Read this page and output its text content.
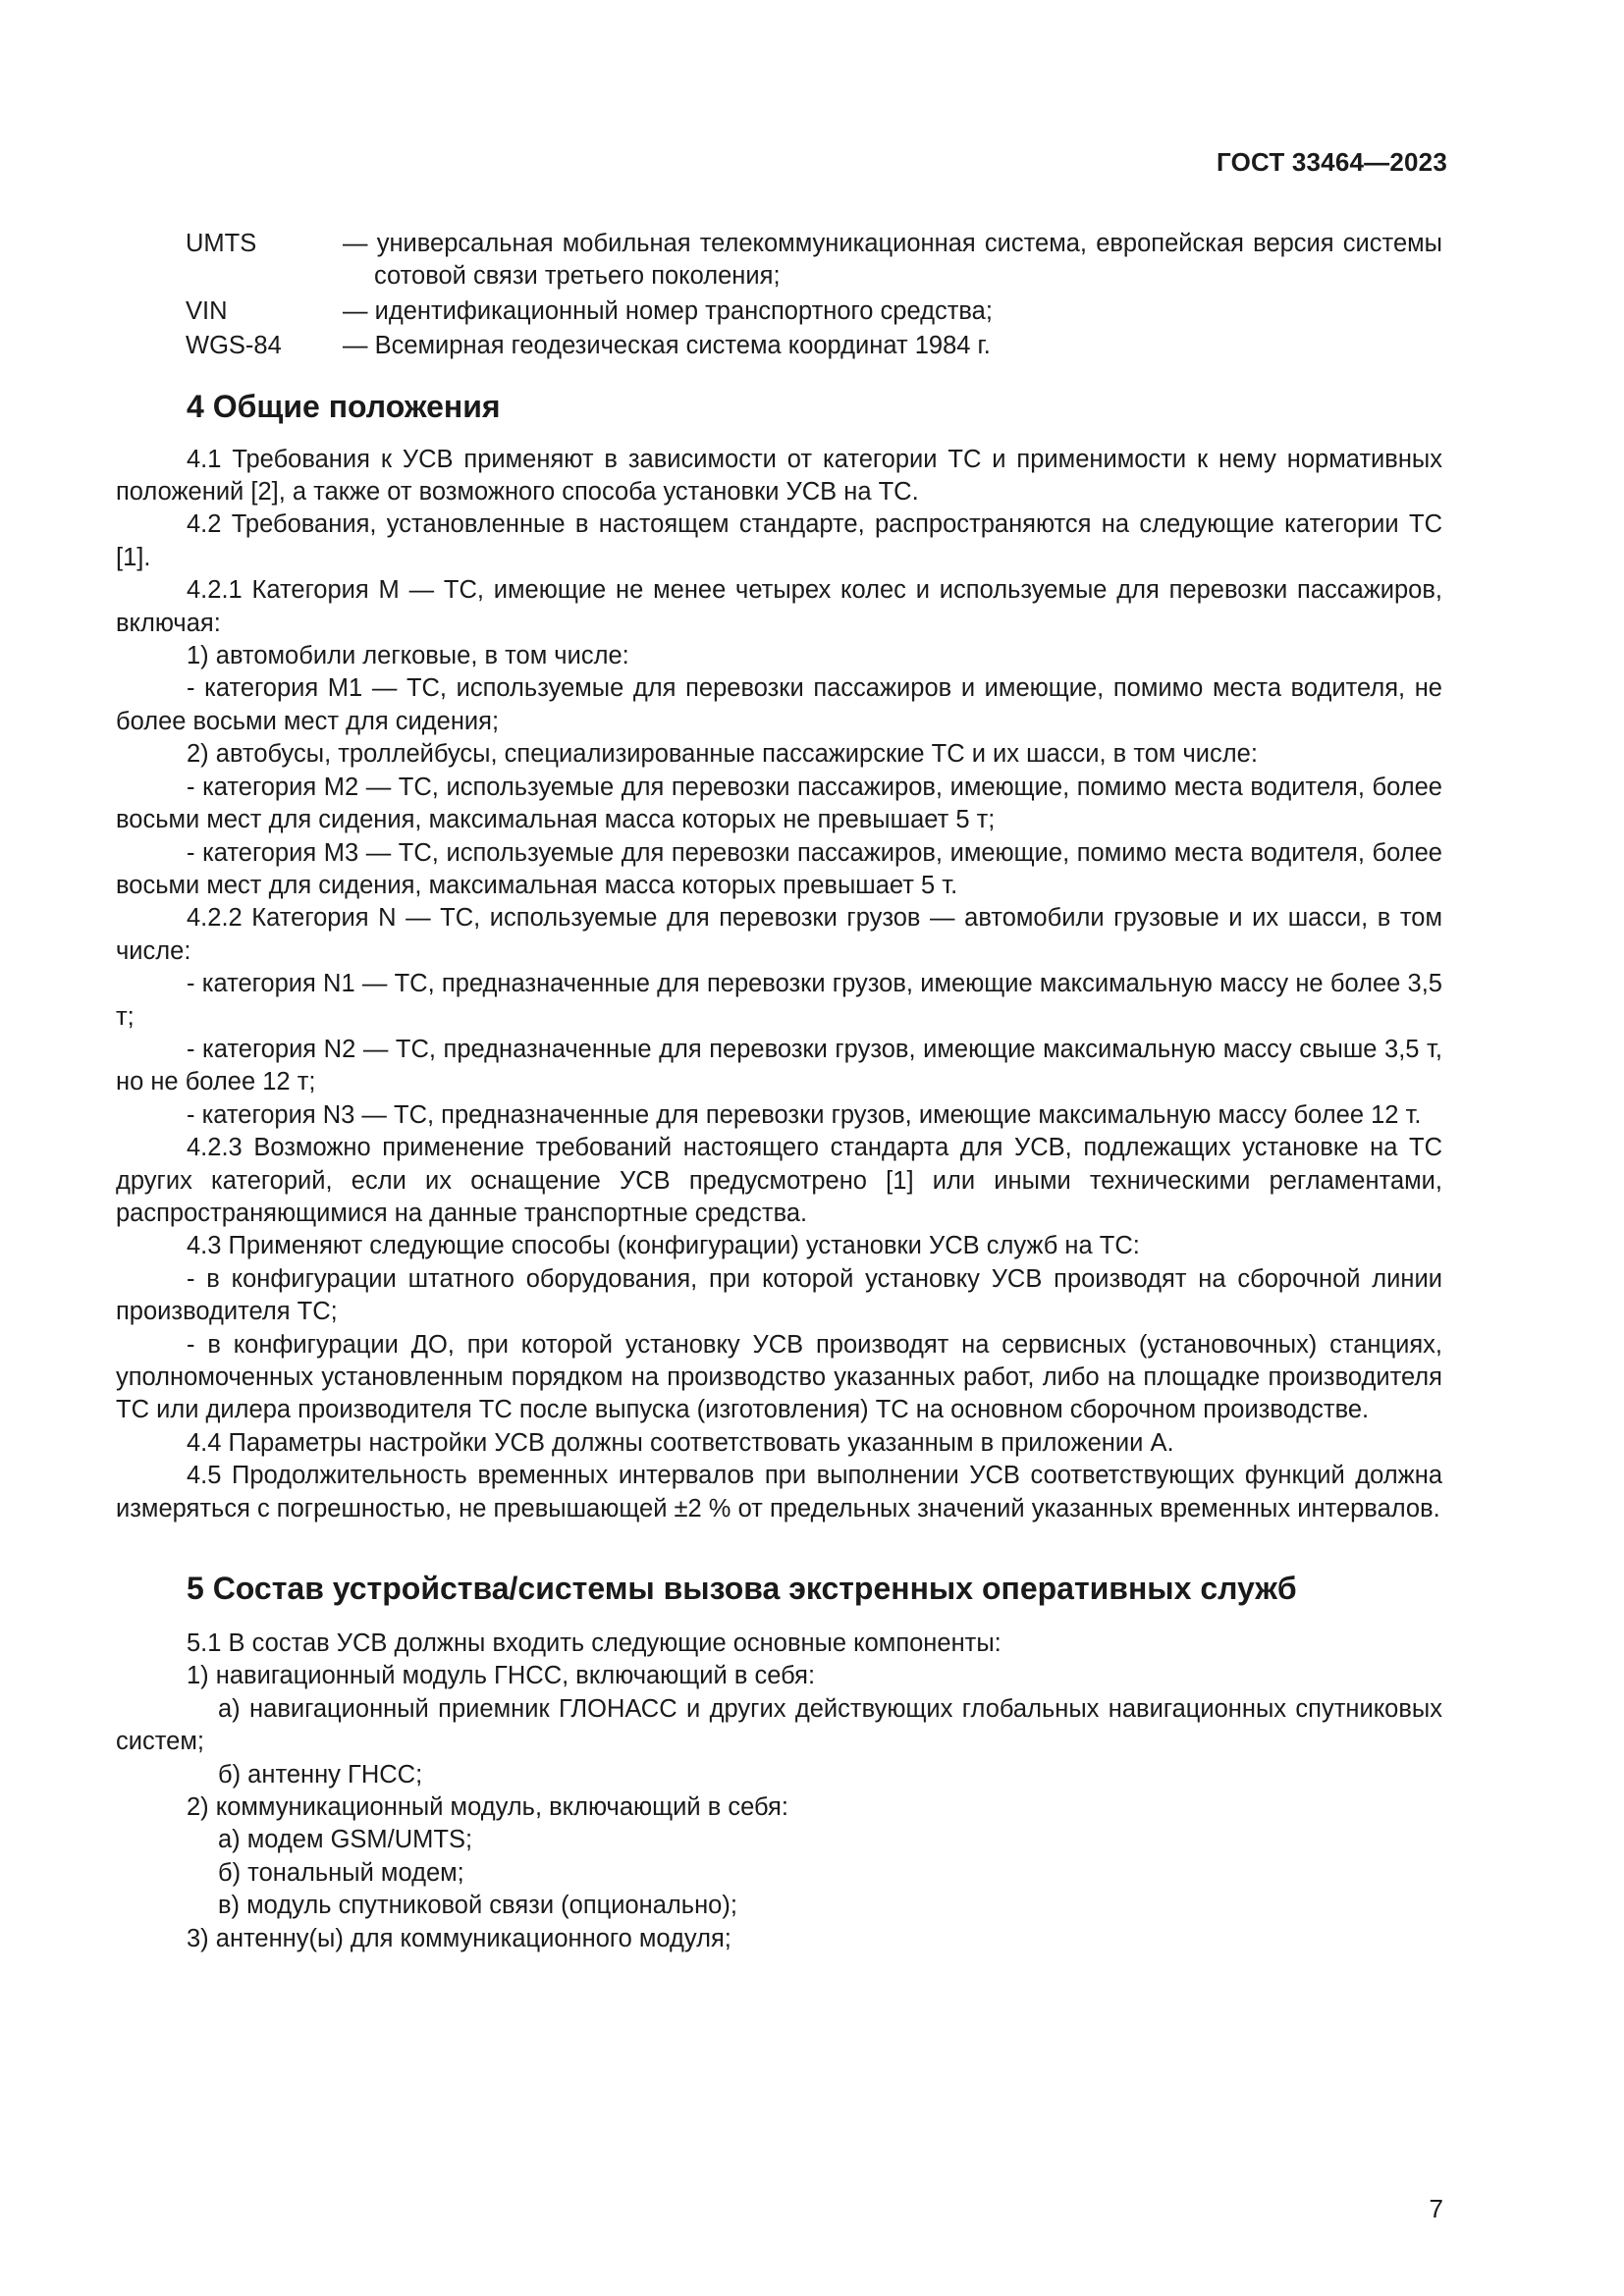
ГОСТ 33464—2023
UMTS	— универсальная мобильная телекоммуникационная система, европейская версия системы сотовой связи третьего поколения;
VIN	— идентификационный номер транспортного средства;
WGS-84	— Всемирная геодезическая система координат 1984 г.
4 Общие положения

4.1 Требования к УСВ применяют в зависимости от категории ТС и применимости к нему нормативных положений [2], а также от возможного способа установки УСВ на ТС.

4.2 Требования, установленные в настоящем стандарте, распространяются на следующие категории ТС [1].

4.2.1 Категория М — ТС, имеющие не менее четырех колес и используемые для перевозки пассажиров, включая:

1) автомобили легковые, в том числе:

- категория М1 — ТС, используемые для перевозки пассажиров и имеющие, помимо места водителя, не более восьми мест для сидения;

2) автобусы, троллейбусы, специализированные пассажирские ТС и их шасси, в том числе:

- категория М2 — ТС, используемые для перевозки пассажиров, имеющие, помимо места водителя, более восьми мест для сидения, максимальная масса которых не превышает 5 т;

- категория М3 — ТС, используемые для перевозки пассажиров, имеющие, помимо места водителя, более восьми мест для сидения, максимальная масса которых превышает 5 т.

4.2.2 Категория N — ТС, используемые для перевозки грузов — автомобили грузовые и их шасси, в том числе:

- категория N1 — ТС, предназначенные для перевозки грузов, имеющие максимальную массу не более 3,5 т;

- категория N2 — ТС, предназначенные для перевозки грузов, имеющие максимальную массу свыше 3,5 т, но не более 12 т;

- категория N3 — ТС, предназначенные для перевозки грузов, имеющие максимальную массу более 12 т.

4.2.3 Возможно применение требований настоящего стандарта для УСВ, подлежащих установке на ТС других категорий, если их оснащение УСВ предусмотрено [1] или иными техническими регламентами, распространяющимися на данные транспортные средства.

4.3 Применяют следующие способы (конфигурации) установки УСВ служб на ТС:

- в конфигурации штатного оборудования, при которой установку УСВ производят на сборочной линии производителя ТС;

- в конфигурации ДО, при которой установку УСВ производят на сервисных (установочных) станциях, уполномоченных установленным порядком на производство указанных работ, либо на площадке производителя ТС или дилера производителя ТС после выпуска (изготовления) ТС на основном сборочном производстве.

4.4 Параметры настройки УСВ должны соответствовать указанным в приложении А.

4.5 Продолжительность временных интервалов при выполнении УСВ соответствующих функций должна измеряться с погрешностью, не превышающей ±2 % от предельных значений указанных временных интервалов.

5 Состав устройства/системы вызова экстренных оперативных служб

5.1 В состав УСВ должны входить следующие основные компоненты:

1) навигационный модуль ГНСС, включающий в себя:

а) навигационный приемник ГЛОНАСС и других действующих глобальных навигационных спутниковых систем;

б) антенну ГНСС;

2) коммуникационный модуль, включающий в себя:

а) модем GSM/UMTS;

б) тональный модем;

в) модуль спутниковой связи (опционально);

3) антенну(ы) для коммуникационного модуля;

7
